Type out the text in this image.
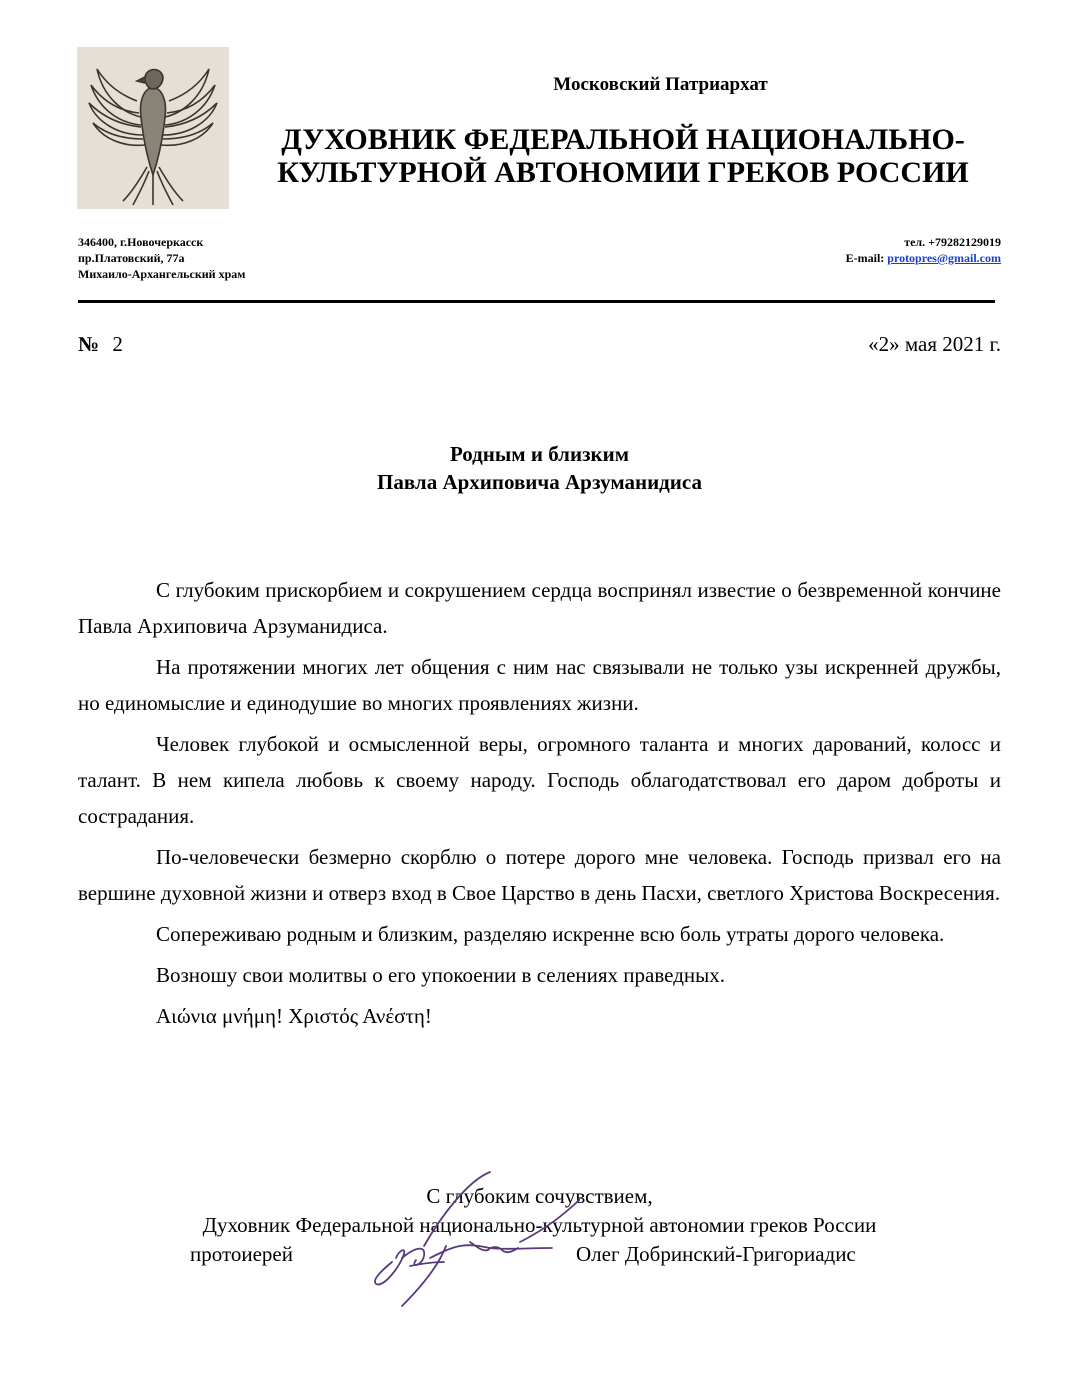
Московский Патриархат
ДУХОВНИК ФЕДЕРАЛЬНОЙ НАЦИОНАЛЬНО-
КУЛЬТУРНОЙ АВТОНОМИИ ГРЕКОВ РОССИИ
346400, г.Новочеркасск
пр.Платовский, 77а
Михаило-Архангельский храм
тел. +79282129019
E-mail: protopres@gmail.com
№ 2	«2» мая 2021 г.
Родным и близким
Павла Архиповича Арзуманидиса

С глубоким прискорбием и сокрушением сердца воспринял известие о безвременной кончине Павла Архиповича Арзуманидиса.

На протяжении многих лет общения с ним нас связывали не только узы искренней дружбы, но единомыслие и единодушие во многих проявлениях жизни.

Человек глубокой и осмысленной веры, огромного таланта и многих дарований, колосс и талант. В нем кипела любовь к своему народу. Господь облагодатствовал его даром доброты и сострадания.

По-человечески безмерно скорблю о потере дорого мне человека. Господь призвал его на вершине духовной жизни и отверз вход в Свое Царство в день Пасхи, светлого Христова Воскресения.

Сопереживаю родным и близким, разделяю искренне всю боль утраты дорого человека.

Возношу свои молитвы о его упокоении в селениях праведных.

Αιώνια μνήμη! Χριστός Ανέστη!

С глубоким сочувствием,
Духовник Федеральной национально-культурной автономии греков России
протоиерей	Олег Добринский-Григориадис
